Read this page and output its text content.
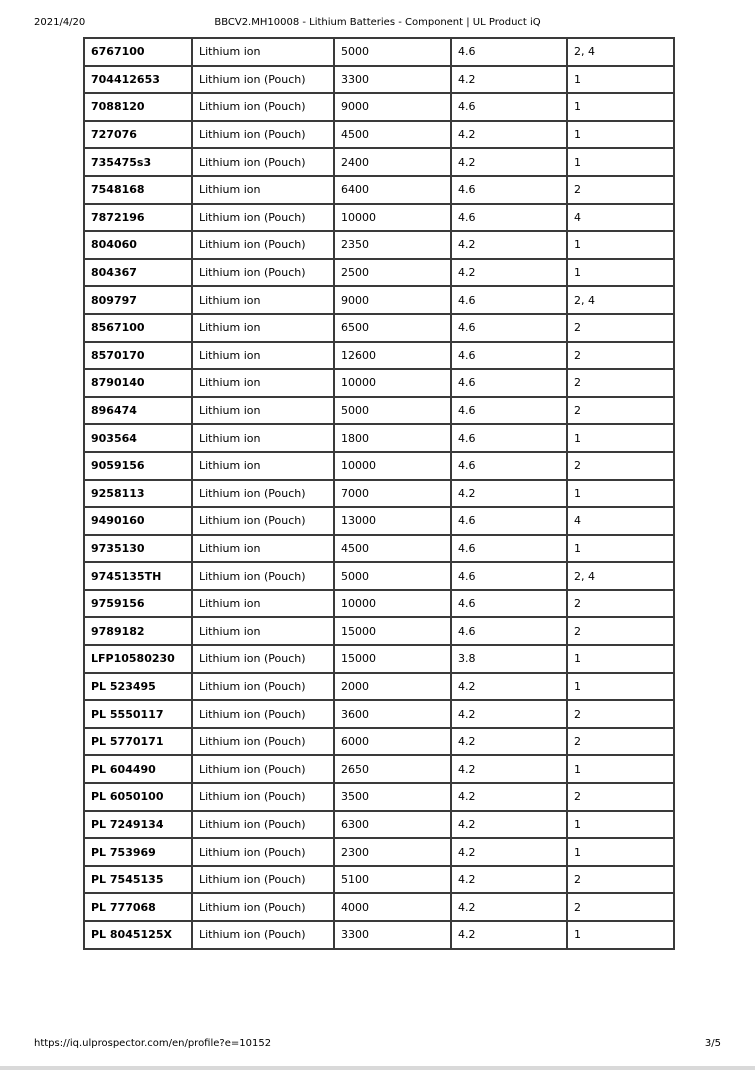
2021/4/20	BBCV2.MH10008 - Lithium Batteries - Component | UL Product iQ
6767100	Lithium ion	5000	4.6	2, 4
704412653	Lithium ion (Pouch)	3300	4.2	1
7088120	Lithium ion (Pouch)	9000	4.6	1
727076	Lithium ion (Pouch)	4500	4.2	1
735475s3	Lithium ion (Pouch)	2400	4.2	1
7548168	Lithium ion	6400	4.6	2
7872196	Lithium ion (Pouch)	10000	4.6	4
804060	Lithium ion (Pouch)	2350	4.2	1
804367	Lithium ion (Pouch)	2500	4.2	1
809797	Lithium ion	9000	4.6	2, 4
8567100	Lithium ion	6500	4.6	2
8570170	Lithium ion	12600	4.6	2
8790140	Lithium ion	10000	4.6	2
896474	Lithium ion	5000	4.6	2
903564	Lithium ion	1800	4.6	1
9059156	Lithium ion	10000	4.6	2
9258113	Lithium ion (Pouch)	7000	4.2	1
9490160	Lithium ion (Pouch)	13000	4.6	4
9735130	Lithium ion	4500	4.6	1
9745135TH	Lithium ion (Pouch)	5000	4.6	2, 4
9759156	Lithium ion	10000	4.6	2
9789182	Lithium ion	15000	4.6	2
LFP10580230	Lithium ion (Pouch)	15000	3.8	1
PL 523495	Lithium ion (Pouch)	2000	4.2	1
PL 5550117	Lithium ion (Pouch)	3600	4.2	2
PL 5770171	Lithium ion (Pouch)	6000	4.2	2
PL 604490	Lithium ion (Pouch)	2650	4.2	1
PL 6050100	Lithium ion (Pouch)	3500	4.2	2
PL 7249134	Lithium ion (Pouch)	6300	4.2	1
PL 753969	Lithium ion (Pouch)	2300	4.2	1
PL 7545135	Lithium ion (Pouch)	5100	4.2	2
PL 777068	Lithium ion (Pouch)	4000	4.2	2
PL 8045125X	Lithium ion (Pouch)	3300	4.2	1
https://iq.ulprospector.com/en/profile?e=10152	3/5
